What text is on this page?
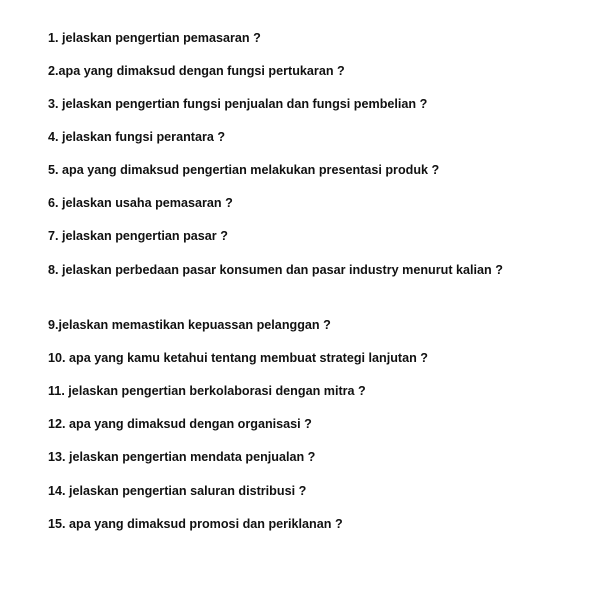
1. jelaskan pengertian pemasaran ?

2.apa yang dimaksud dengan fungsi pertukaran ?

3. jelaskan pengertian fungsi penjualan dan fungsi pembelian ?

4. jelaskan fungsi perantara ?

5. apa yang dimaksud pengertian melakukan presentasi produk ?

6. jelaskan usaha pemasaran ?

7. jelaskan pengertian pasar ?

8. jelaskan perbedaan pasar konsumen dan pasar industry menurut kalian ?

9.jelaskan memastikan kepuassan pelanggan ?

10. apa yang kamu ketahui tentang membuat strategi lanjutan ?

11. jelaskan pengertian berkolaborasi dengan mitra ?

12. apa yang dimaksud dengan organisasi ?

13. jelaskan pengertian mendata penjualan ?

14. jelaskan pengertian saluran distribusi ?

15. apa yang dimaksud promosi dan periklanan ?
